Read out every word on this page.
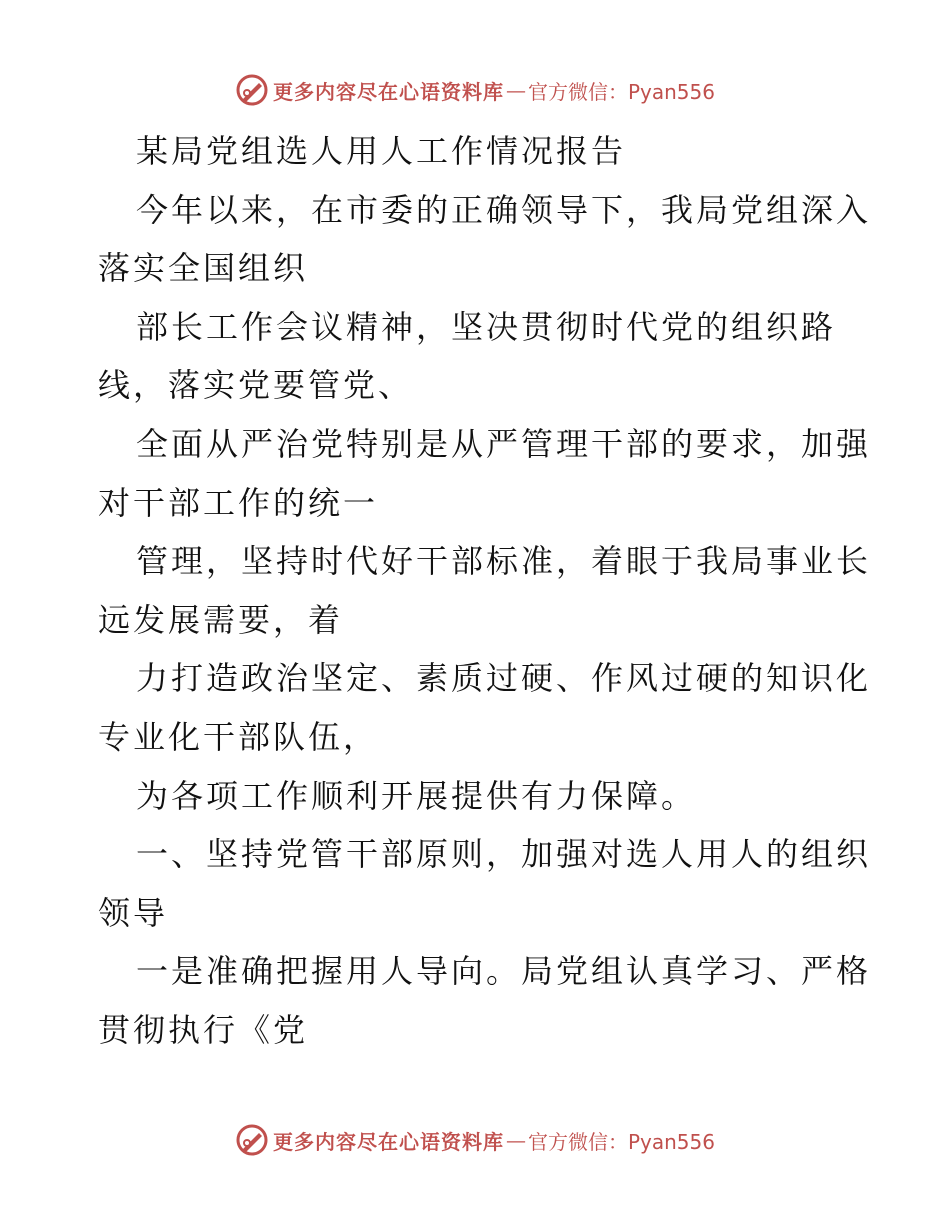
更多内容尽在心语资料库 — 官方微信：Pyan556
某局党组选人用人工作情况报告
今年以来，在市委的正确领导下，我局党组深入
落实全国组织
部长工作会议精神，坚决贯彻时代党的组织路
线，落实党要管党、
全面从严治党特别是从严管理干部的要求，加强
对干部工作的统一
管理，坚持时代好干部标准，着眼于我局事业长
远发展需要，着
力打造政治坚定、素质过硬、作风过硬的知识化
专业化干部队伍，
为各项工作顺利开展提供有力保障。
一、坚持党管干部原则，加强对选人用人的组织
领导
一是准确把握用人导向。局党组认真学习、严格
贯彻执行《党
更多内容尽在心语资料库 — 官方微信：Pyan556
